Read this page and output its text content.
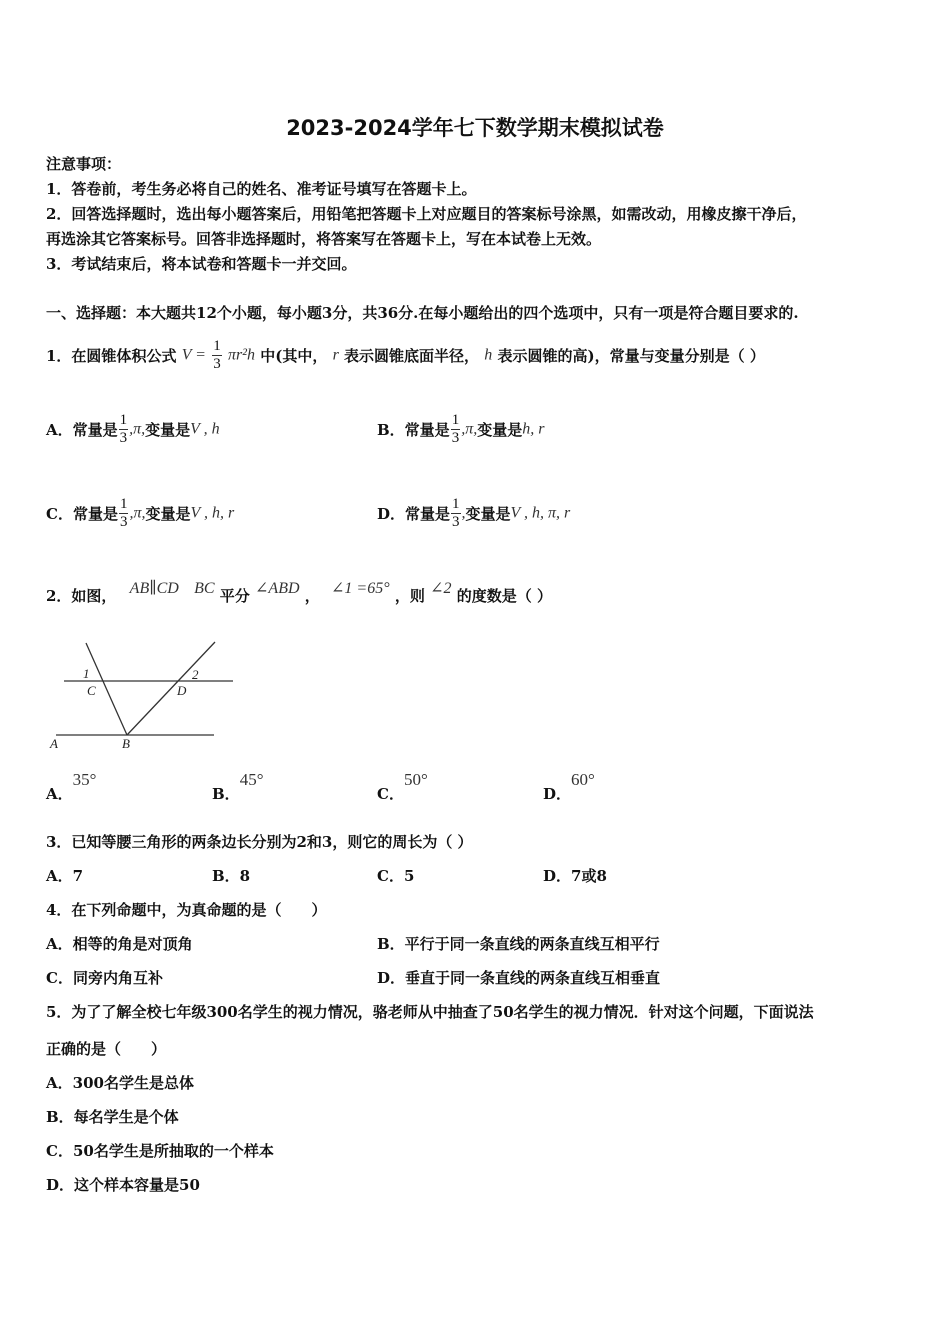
2023-2024学年七下数学期末模拟试卷
注意事项：
1．答卷前，考生务必将自己的姓名、准考证号填写在答题卡上。
2．回答选择题时，选出每小题答案后，用铅笔把答题卡上对应题目的答案标号涂黑，如需改动，用橡皮擦干净后，
再选涂其它答案标号。回答非选择题时，将答案写在答题卡上，写在本试卷上无效。
3．考试结束后，将本试卷和答题卡一并交回。
一、选择题：本大题共12个小题，每小题3分，共36分.在每小题给出的四个选项中，只有一项是符合题目要求的.
1．在圆锥体积公式 $V = \frac{1}{3} \pi r^2h$ 中(其中， r 表示圆锥底面半径， h 表示圆锥的高)，常量与变量分别是（ ）
A．常量是 $\frac{1}{3} ,\pi$,变量是V , h	B．常量是 $\frac{1}{3} ,\pi$,变量是h, r
C．常量是 $\frac{1}{3} ,\pi$,变量是V , h, r	D．常量是 $\frac{1}{3}$ ,变量是V , h, π, r
2．如图， AB∥CD BC 平分 ∠ABD ， ∠1 =65° ，则 ∠2 的度数是（ ）
1	2
C	D
A	B
A．35°
B．45°
C．50°
D．60°
3．已知等腰三角形的两条边长分别为2和3，则它的周长为（ ）
A．7	B．8	C．5	D．7或8
4．在下列命题中，为真命题的是（　　）
A．相等的角是对顶角	B．平行于同一条直线的两条直线互相平行
C．同旁内角互补	D．垂直于同一条直线的两条直线互相垂直
5．为了了解全校七年级300名学生的视力情况，骆老师从中抽查了50名学生的视力情况．针对这个问题，下面说法
正确的是（　　）
A．300名学生是总体
B．每名学生是个体
C．50名学生是所抽取的一个样本
D．这个样本容量是50
